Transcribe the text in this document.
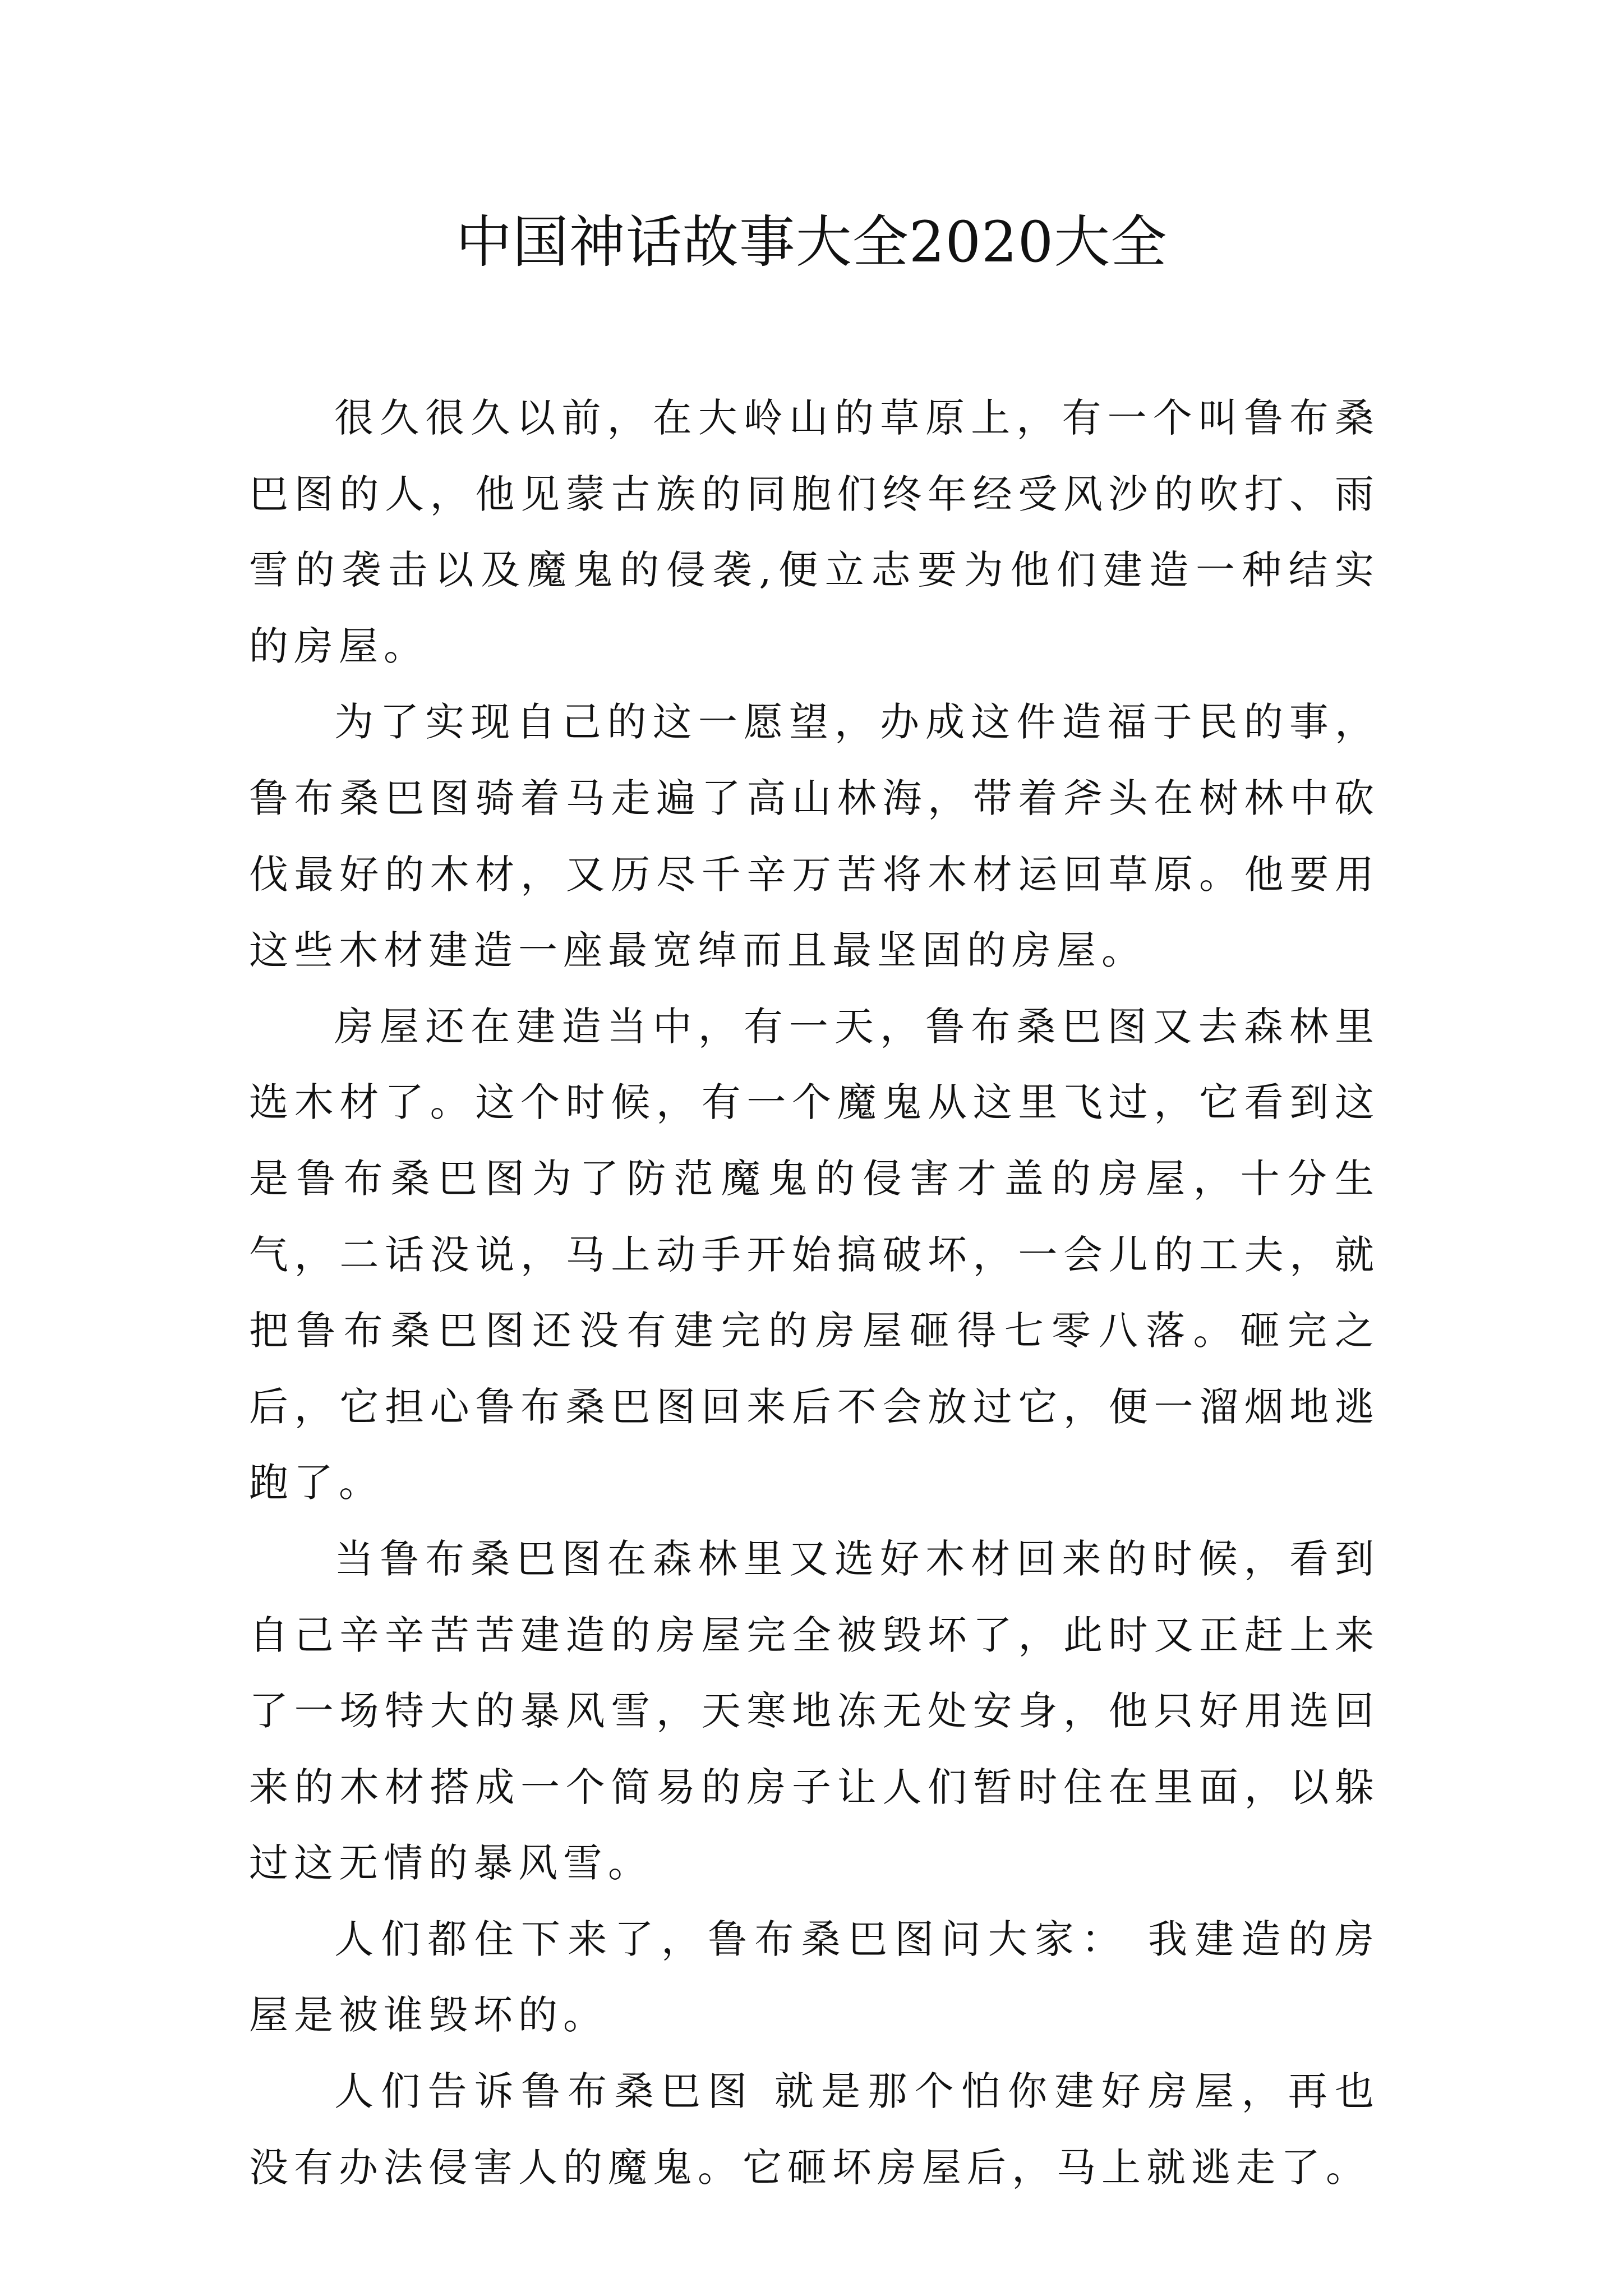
中国神话故事大全2020大全

很久很久以前，在大岭山的草原上，有一个叫鲁布桑巴图的人，他见蒙古族的同胞们终年经受风沙的吹打、雨雪的袭击以及魔鬼的侵袭,便立志要为他们建造一种结实的房屋。

为了实现自己的这一愿望，办成这件造福于民的事，鲁布桑巴图骑着马走遍了高山林海，带着斧头在树林中砍伐最好的木材，又历尽千辛万苦将木材运回草原。他要用这些木材建造一座最宽绰而且最坚固的房屋。

房屋还在建造当中，有一天，鲁布桑巴图又去森林里选木材了。这个时候，有一个魔鬼从这里飞过，它看到这是鲁布桑巴图为了防范魔鬼的侵害才盖的房屋，十分生气，二话没说，马上动手开始搞破坏，一会儿的工夫，就把鲁布桑巴图还没有建完的房屋砸得七零八落。砸完之后，它担心鲁布桑巴图回来后不会放过它，便一溜烟地逃跑了。

当鲁布桑巴图在森林里又选好木材回来的时候，看到自己辛辛苦苦建造的房屋完全被毁坏了，此时又正赶上来了一场特大的暴风雪，天寒地冻无处安身，他只好用选回来的木材搭成一个简易的房子让人们暂时住在里面，以躲过这无情的暴风雪。

人们都住下来了，鲁布桑巴图问大家： 我建造的房屋是被谁毁坏的。

人们告诉鲁布桑巴图 就是那个怕你建好房屋，再也没有办法侵害人的魔鬼。它砸坏房屋后，马上就逃走了。
